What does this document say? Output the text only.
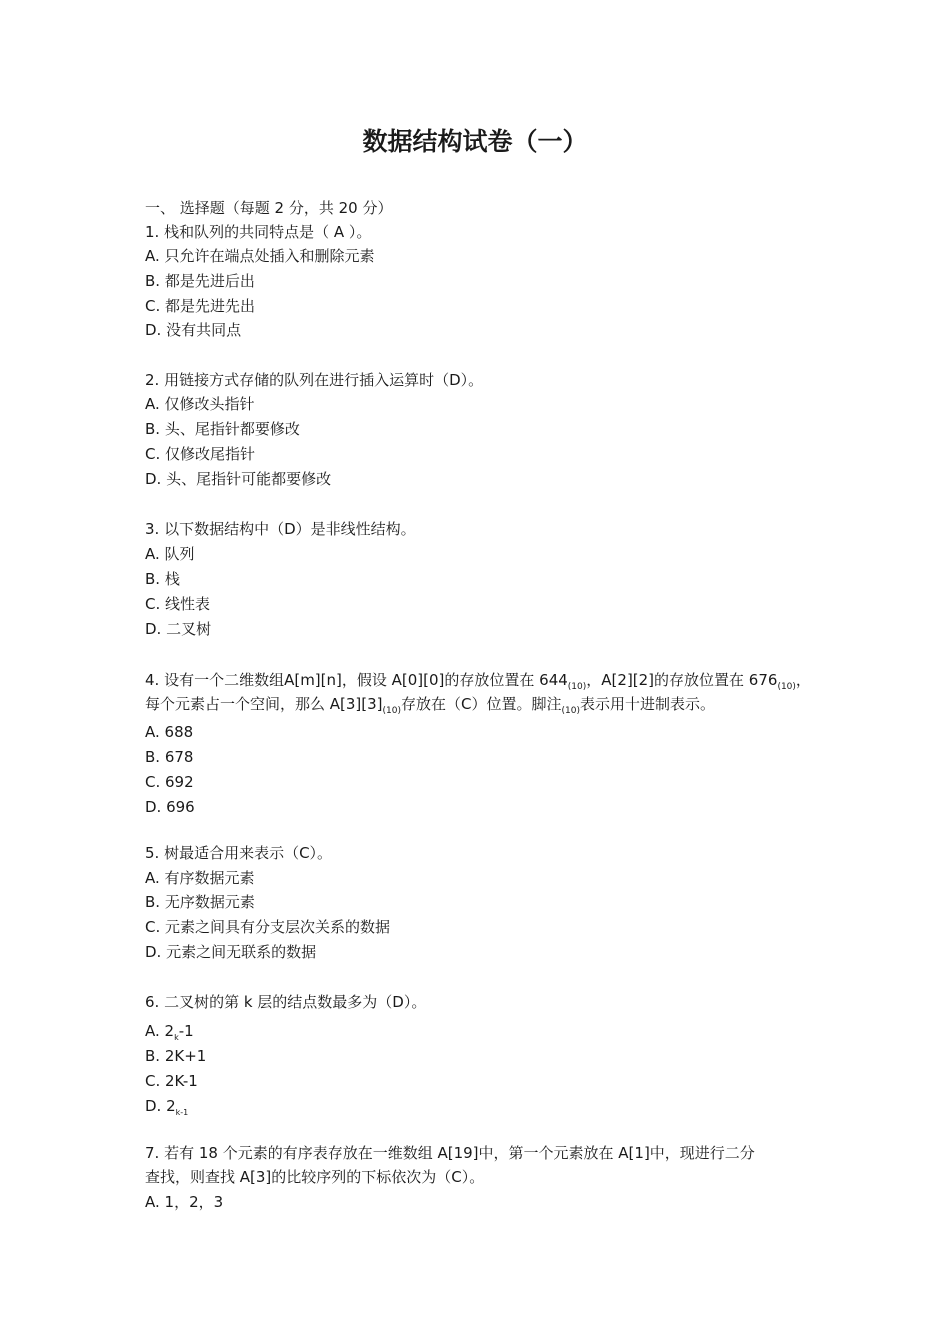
数据结构试卷（一）
一、 选择题（每题 2 分，共 20 分）
1. 栈和队列的共同特点是（ A ）。
A. 只允许在端点处插入和删除元素
B. 都是先进后出
C. 都是先进先出
D. 没有共同点
2. 用链接方式存储的队列在进行插入运算时（D）。
A. 仅修改头指针
B. 头、尾指针都要修改
C. 仅修改尾指针
D. 头、尾指针可能都要修改
3. 以下数据结构中（D）是非线性结构。
A. 队列
B. 栈
C. 线性表
D. 二叉树
4. 设有一个二维数组A[m][n]，假设 A[0][0]的存放位置在 $644_{(10)}$，A[2][2]的存放位置在 $676_{(10)}$，
每个元素占一个空间，那么 $A[3][3]_{(10)}$存放在（C）位置。脚注$_{(10)}$表示用十进制表示。
A. 688
B. 678
C. 692
D. 696
5. 树最适合用来表示（C）。
A. 有序数据元素
B. 无序数据元素
C. 元素之间具有分支层次关系的数据
D. 元素之间无联系的数据
6. 二叉树的第 k 层的结点数最多为（D）。
A. $2_k-1$
B. 2K+1
C. 2K-1
D. $2_{k-1}$
7. 若有 18 个元素的有序表存放在一维数组 A[19]中，第一个元素放在 A[1]中，现进行二分
查找，则查找 A[3]的比较序列的下标依次为（C）。
A. 1，2，3
